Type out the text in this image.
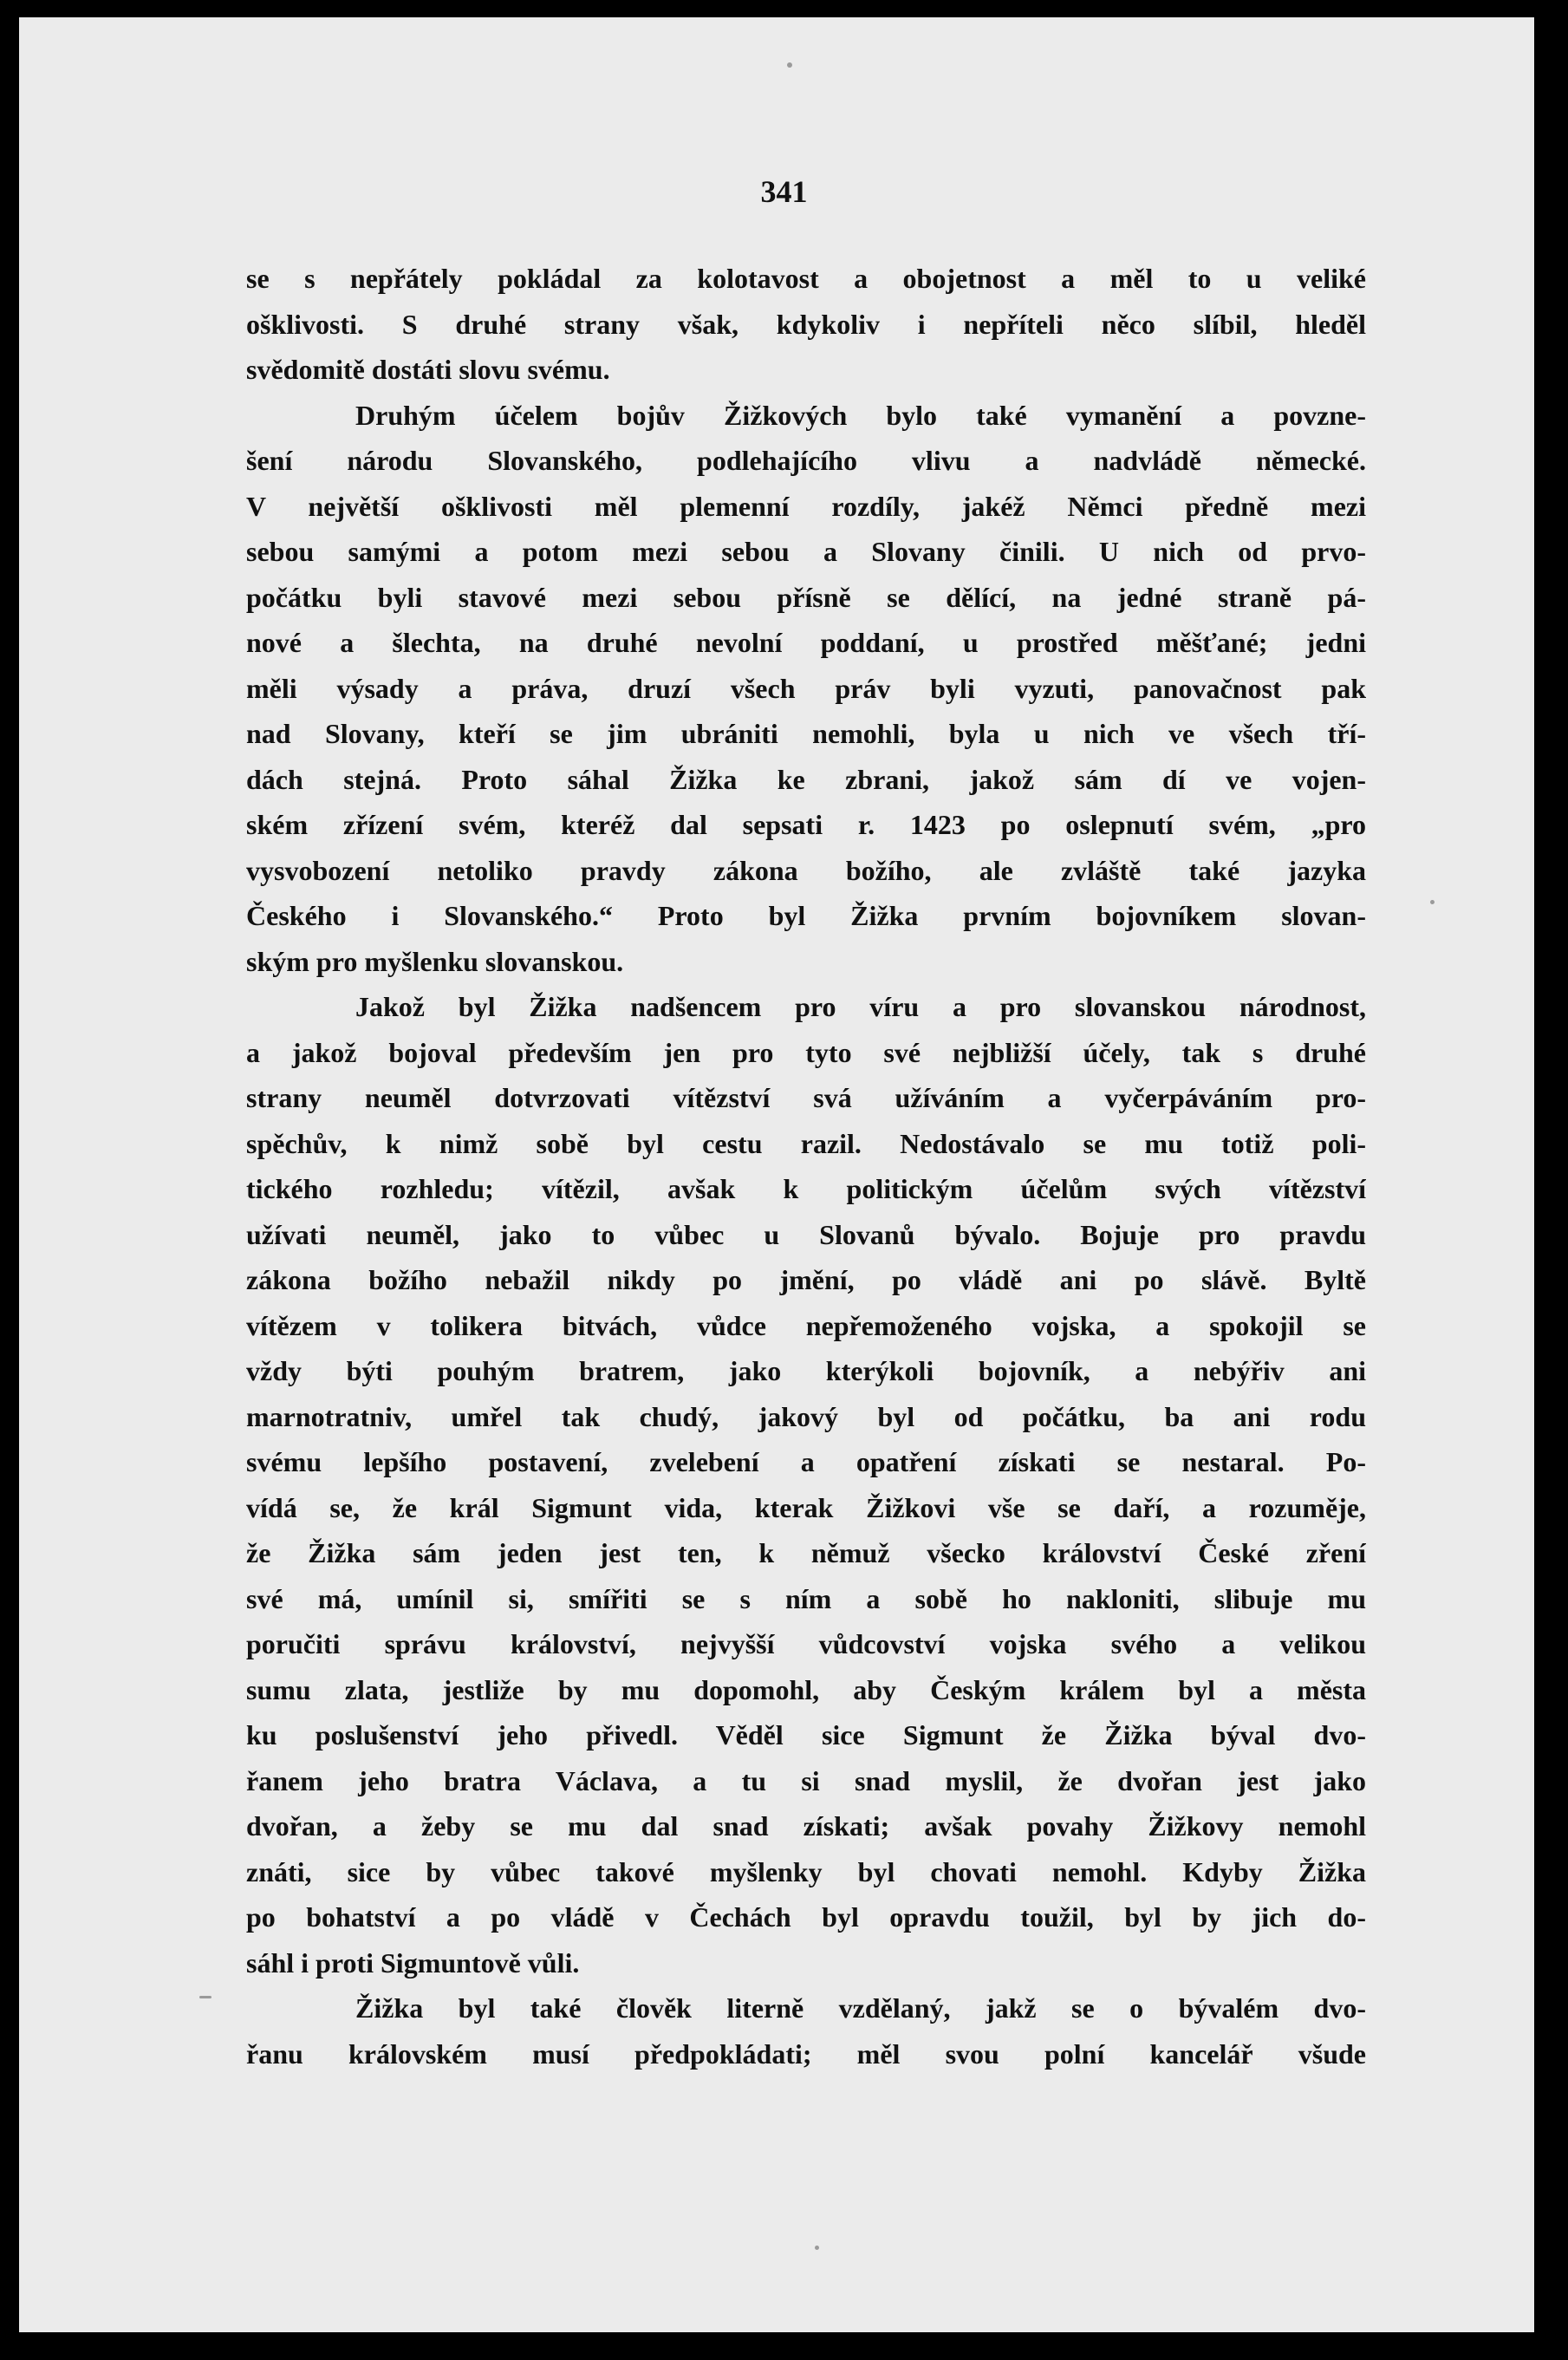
341
se s nepřátely pokládal za kolotavost a obojetnost a měl to u veliké
ošklivosti. S druhé strany však, kdykoliv i nepříteli něco slíbil, hleděl
svědomitě dostáti slovu svému.
Druhým účelem bojův Žižkových bylo také vymanění a povzne-
šení národu Slovanského, podlehajícího vlivu a nadvládě německé.
V největší ošklivosti měl plemenní rozdíly, jakéž Němci předně mezi
sebou samými a potom mezi sebou a Slovany činili. U nich od prvo-
počátku byli stavové mezi sebou přísně se dělící, na jedné straně pá-
nové a šlechta, na druhé nevolní poddaní, u prostřed měšťané; jedni
měli výsady a práva, druzí všech práv byli vyzuti, panovačnost pak
nad Slovany, kteří se jim ubrániti nemohli, byla u nich ve všech tří-
dách stejná. Proto sáhal Žižka ke zbrani, jakož sám dí ve vojen-
ském zřízení svém, kteréž dal sepsati r. 1423 po oslepnutí svém, „pro
vysvobození netoliko pravdy zákona božího, ale zvláště také jazyka
Českého i Slovanského.“ Proto byl Žižka prvním bojovníkem slovan-
ským pro myšlenku slovanskou.
Jakož byl Žižka nadšencem pro víru a pro slovanskou národnost,
a jakož bojoval především jen pro tyto své nejbližší účely, tak s druhé
strany neuměl dotvrzovati vítězství svá užíváním a vyčerpáváním pro-
spěchův, k nimž sobě byl cestu razil. Nedostávalo se mu totiž poli-
tického rozhledu; vítězil, avšak k politickým účelům svých vítězství
užívati neuměl, jako to vůbec u Slovanů bývalo. Bojuje pro pravdu
zákona božího nebažil nikdy po jmění, po vládě ani po slávě. Byltě
vítězem v tolikera bitvách, vůdce nepřemoženého vojska, a spokojil se
vždy býti pouhým bratrem, jako kterýkoli bojovník, a nebýřiv ani
marnotratniv, umřel tak chudý, jakový byl od počátku, ba ani rodu
svému lepšího postavení, zvelebení a opatření získati se nestaral. Po-
vídá se, že král Sigmunt vida, kterak Žižkovi vše se daří, a rozuměje,
že Žižka sám jeden jest ten, k němuž všecko království České zření
své má, umínil si, smířiti se s ním a sobě ho nakloniti, slibuje mu
poručiti správu království, nejvyšší vůdcovství vojska svého a velikou
sumu zlata, jestliže by mu dopomohl, aby Českým králem byl a města
ku poslušenství jeho přivedl. Věděl sice Sigmunt že Žižka býval dvo-
řanem jeho bratra Václava, a tu si snad myslil, že dvořan jest jako
dvořan, a žeby se mu dal snad získati; avšak povahy Žižkovy nemohl
znáti, sice by vůbec takové myšlenky byl chovati nemohl. Kdyby Žižka
po bohatství a po vládě v Čechách byl opravdu toužil, byl by jich do-
sáhl i proti Sigmuntově vůli.
Žižka byl také člověk literně vzdělaný, jakž se o bývalém dvo-
řanu královském musí předpokládati; měl svou polní kancelář všude
